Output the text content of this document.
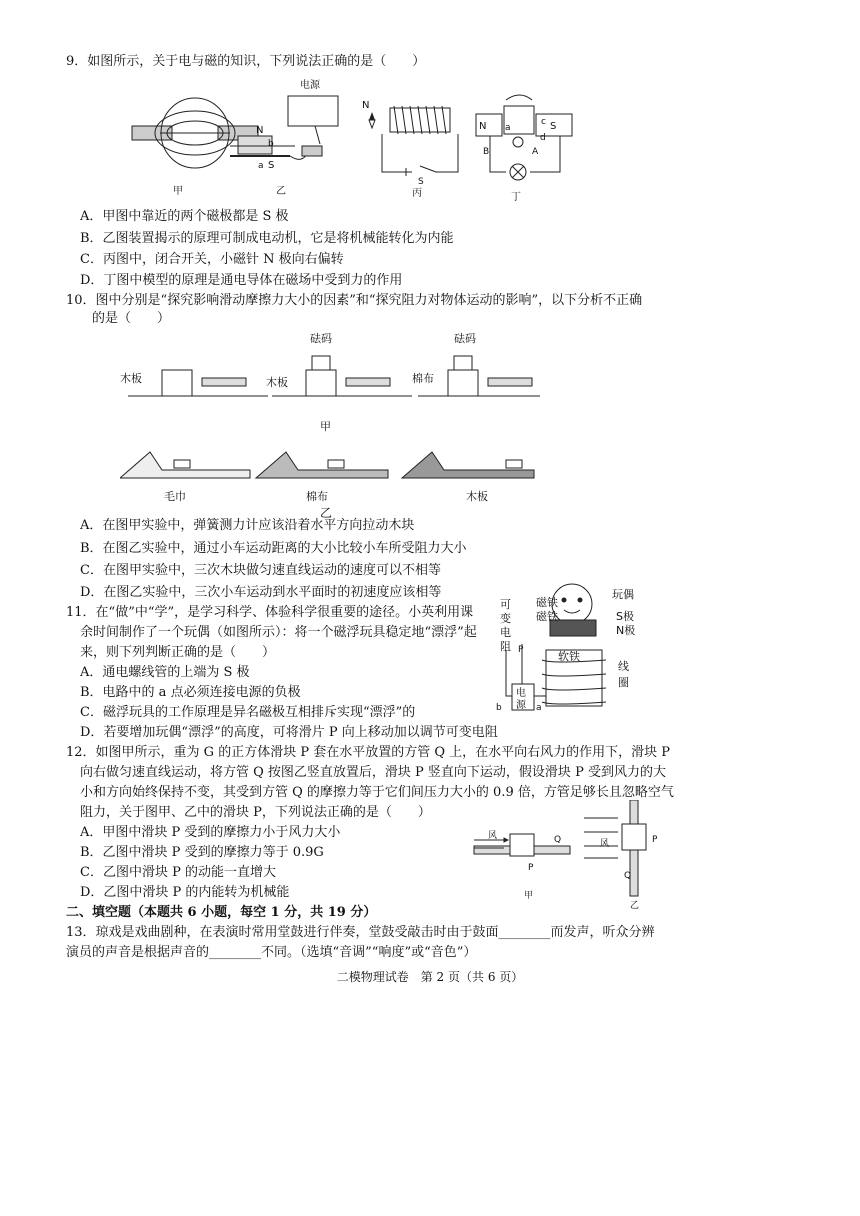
9．如图所示，关于电与磁的知识，下列说法正确的是（　　）
甲
电源
N
b
a S
乙
N
S
丙
N	S
B	A
a
d
c
丁
A．甲图中靠近的两个磁极都是 S 极
B．乙图装置揭示的原理可制成电动机，它是将机械能转化为内能
C．丙图中，闭合开关，小磁针 N 极向右偏转
D．丁图中模型的原理是通电导体在磁场中受到力的作用
10．图中分别是“探究影响滑动摩擦力大小的因素”和“探究阻力对物体运动的影响”，以下分析不正确
的是（　　）
木板	木板	棉布
砝码	砝码
甲
毛巾	棉布	木板
乙
A．在图甲实验中，弹簧测力计应该沿着水平方向拉动木块
B．在图乙实验中，通过小车运动距离的大小比较小车所受阻力大小
C．在图甲实验中，三次木块做匀速直线运动的速度可以不相等
D．在图乙实验中，三次小车运动到水平面时的初速度应该相等
11．在“做”中“学”，是学习科学、体验科学很重要的途径。小英利用课
余时间制作了一个玩偶（如图所示）：将一个磁浮玩具稳定地“漂浮”起
来，则下列判断正确的是（　　）
玩偶
磁铁
磁铁	S极
N极
可
变
电
阻
软铁
线
圈
电
源
P
a
b
A．通电螺线管的上端为 S 极
B．电路中的 a 点必须连接电源的负极
C．磁浮玩具的工作原理是异名磁极互相排斥实现“漂浮”的
D．若要增加玩偶“漂浮”的高度，可将滑片 P 向上移动加以调节可变电阻
12．如图甲所示，重为 G 的正方体滑块 P 套在水平放置的方管 Q 上，在水平向右风力的作用下，滑块 P
向右做匀速直线运动，将方管 Q 按图乙竖直放置后，滑块 P 竖直向下运动，假设滑块 P 受到风力的大
小和方向始终保持不变，其受到方管 Q 的摩擦力等于它们间压力大小的 0.9 倍，方管足够长且忽略空气
阻力，关于图甲、乙中的滑块 P，下列说法正确的是（　　）
风	Q
P
甲
风	P
Q
乙
A．甲图中滑块 P 受到的摩擦力小于风力大小
B．乙图中滑块 P 受到的摩擦力等于 0.9G
C．乙图中滑块 P 的动能一直增大
D．乙图中滑块 P 的内能转为机械能
二、填空题（本题共 6 小题，每空 1 分，共 19 分）
13．琼戏是戏曲剧种，在表演时常用堂鼓进行伴奏，堂鼓受敲击时由于鼓面________而发声，听众分辨
演员的声音是根据声音的________不同。（选填“音调”“响度”或“音色”）
二模物理试卷　第 2 页（共 6 页）
